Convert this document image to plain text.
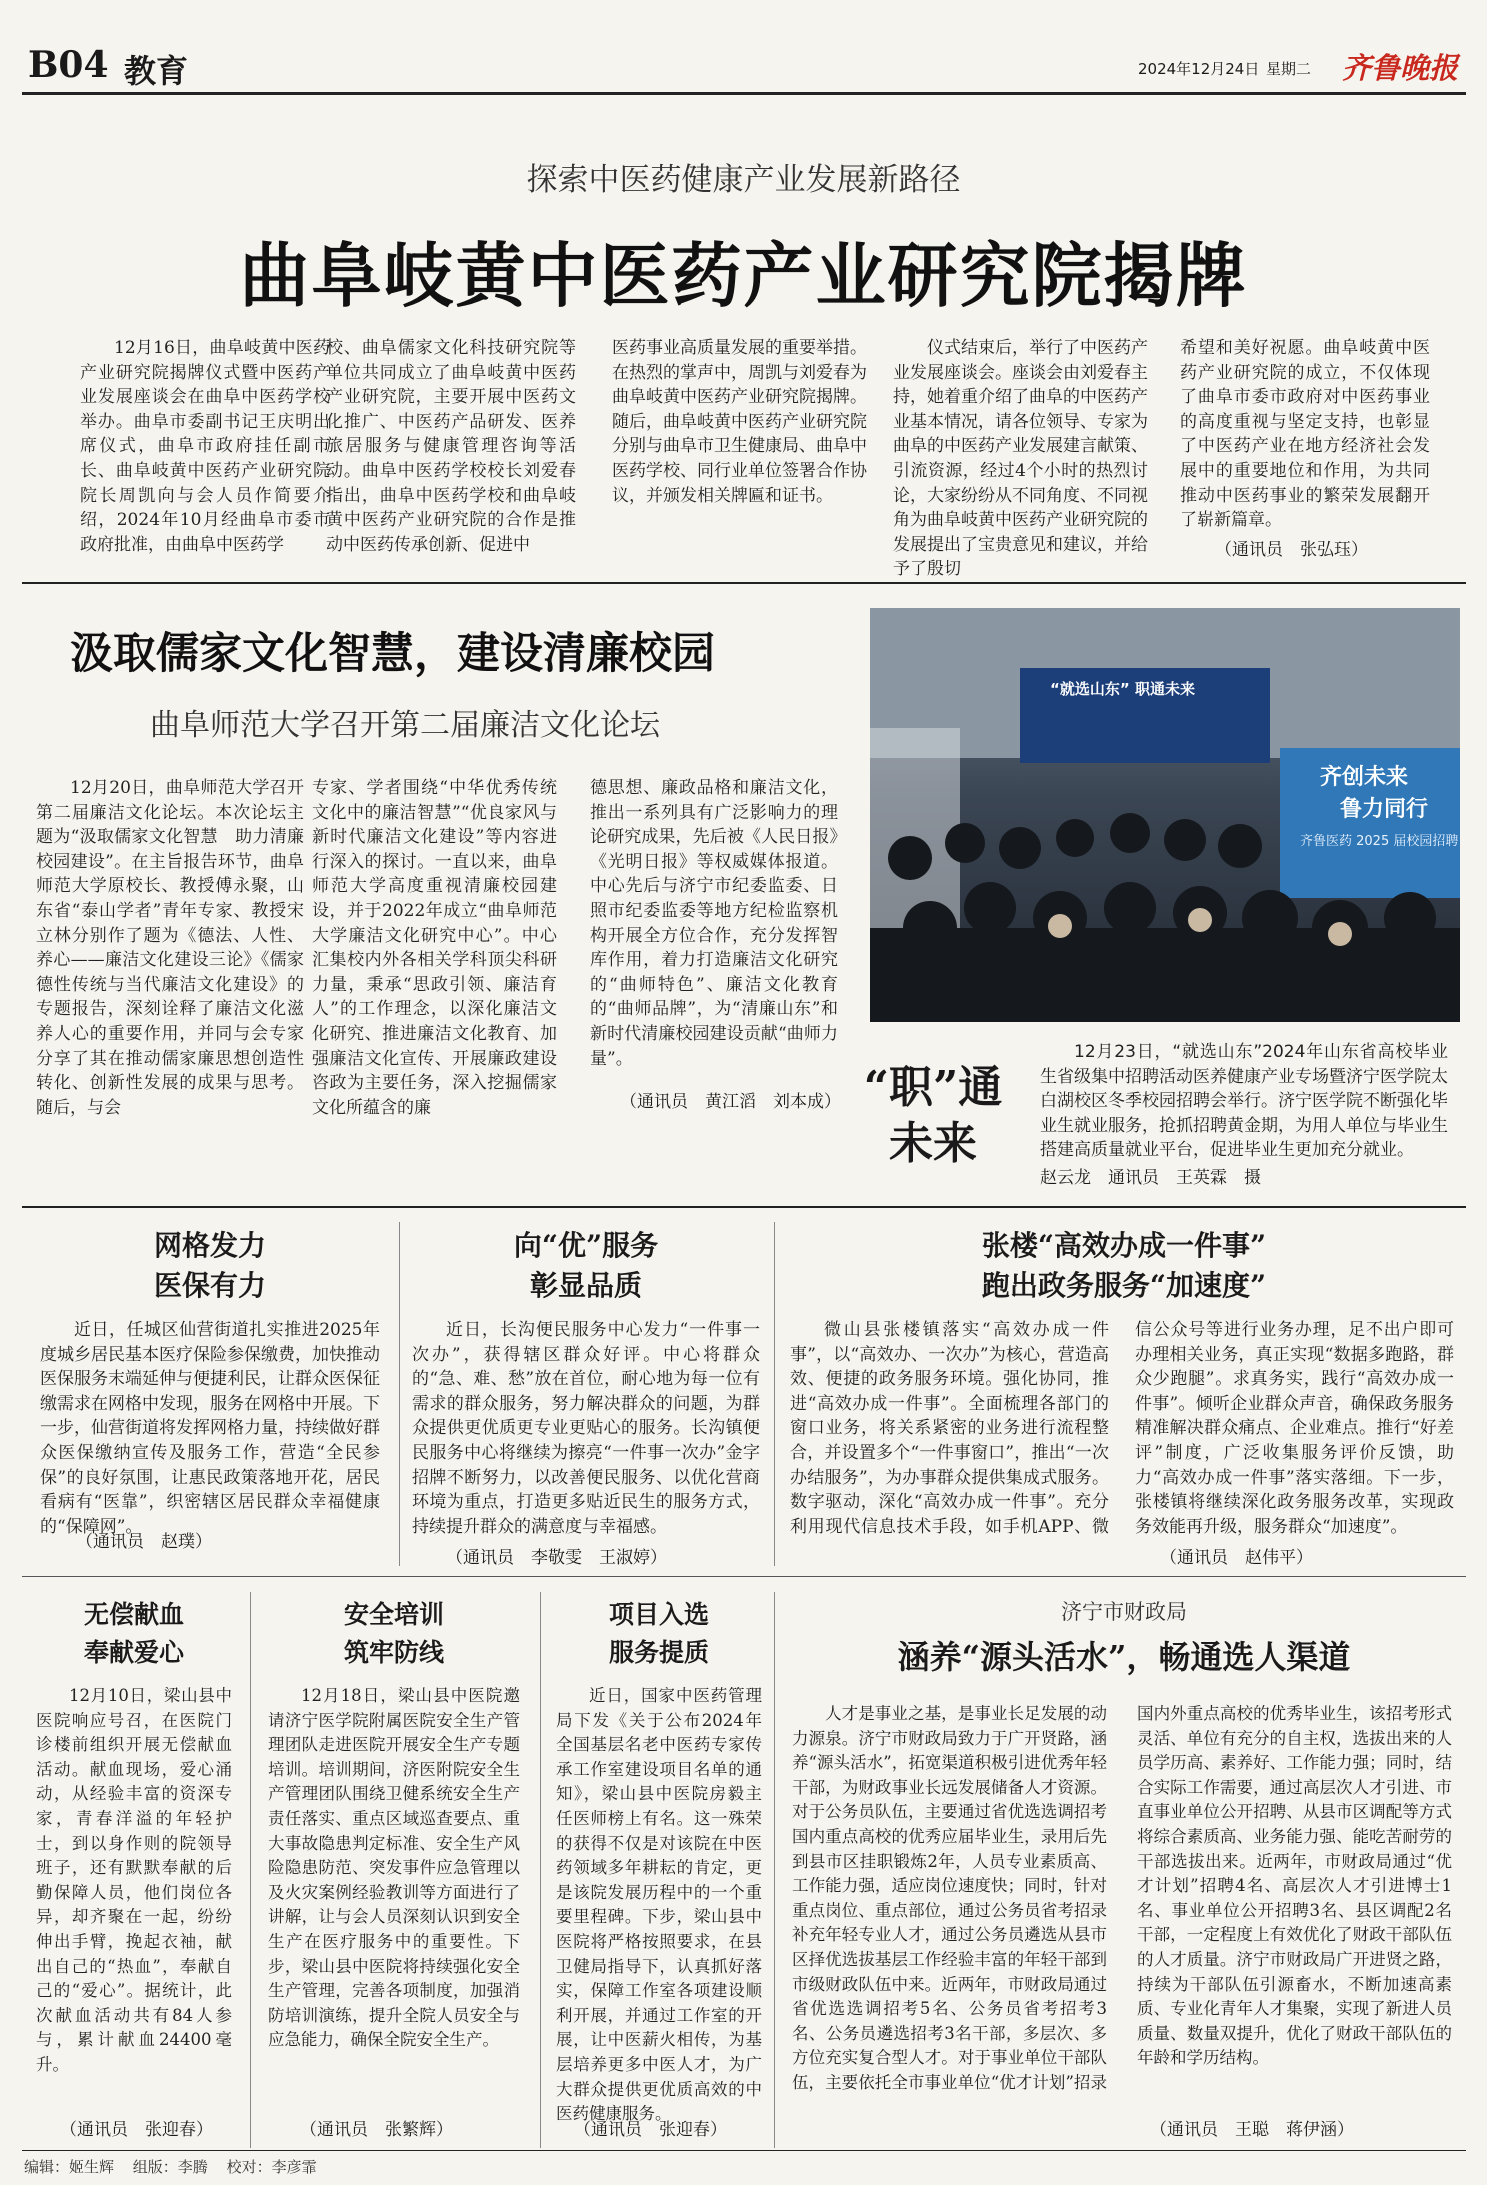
B04 教育	2024年12月24日 星期二 齐鲁晚报
探索中医药健康产业发展新路径
曲阜岐黄中医药产业研究院揭牌

12月16日，曲阜岐黄中医药产业研究院揭牌仪式暨中医药产业发展座谈会在曲阜中医药学校举办。曲阜市委副书记王庆明出席仪式，曲阜市政府挂任副市长、曲阜岐黄中医药产业研究院院长周凯向与会人员作简要介绍，2024年10月经曲阜市委市政府批准，由曲阜中医药学

校、曲阜儒家文化科技研究院等单位共同成立了曲阜岐黄中医药产业研究院，主要开展中医药文化推广、中医药产品研发、医养旅居服务与健康管理咨询等活动。曲阜中医药学校校长刘爱春指出，曲阜中医药学校和曲阜岐黄中医药产业研究院的合作是推动中医药传承创新、促进中

医药事业高质量发展的重要举措。在热烈的掌声中，周凯与刘爱春为曲阜岐黄中医药产业研究院揭牌。随后，曲阜岐黄中医药产业研究院分别与曲阜市卫生健康局、曲阜中医药学校、同行业单位签署合作协议，并颁发相关牌匾和证书。

仪式结束后，举行了中医药产业发展座谈会。座谈会由刘爱春主持，她着重介绍了曲阜的中医药产业基本情况，请各位领导、专家为曲阜的中医药产业发展建言献策、引流资源，经过4个小时的热烈讨论，大家纷纷从不同角度、不同视角为曲阜岐黄中医药产业研究院的发展提出了宝贵意见和建议，并给予了殷切

希望和美好祝愿。曲阜岐黄中医药产业研究院的成立，不仅体现了曲阜市委市政府对中医药事业的高度重视与坚定支持，也彰显了中医药产业在地方经济社会发展中的重要地位和作用，为共同推动中医药事业的繁荣发展翻开了崭新篇章。

（通讯员　张弘珏）
汲取儒家文化智慧，建设清廉校园
曲阜师范大学召开第二届廉洁文化论坛

12月20日，曲阜师范大学召开第二届廉洁文化论坛。本次论坛主题为“汲取儒家文化智慧　助力清廉校园建设”。在主旨报告环节，曲阜师范大学原校长、教授傅永聚，山东省“泰山学者”青年专家、教授宋立林分别作了题为《德法、人性、养心——廉洁文化建设三论》《儒家德性传统与当代廉洁文化建设》的专题报告，深刻诠释了廉洁文化滋养人心的重要作用，并同与会专家分享了其在推动儒家廉思想创造性转化、创新性发展的成果与思考。随后，与会

专家、学者围绕“中华优秀传统文化中的廉洁智慧”“优良家风与新时代廉洁文化建设”等内容进行深入的探讨。一直以来，曲阜师范大学高度重视清廉校园建设，并于2022年成立“曲阜师范大学廉洁文化研究中心”。中心汇集校内外各相关学科顶尖科研力量，秉承“思政引领、廉洁育人”的工作理念，以深化廉洁文化研究、推进廉洁文化教育、加强廉洁文化宣传、开展廉政建设咨政为主要任务，深入挖掘儒家文化所蕴含的廉

德思想、廉政品格和廉洁文化，推出一系列具有广泛影响力的理论研究成果，先后被《人民日报》《光明日报》等权威媒体报道。中心先后与济宁市纪委监委、日照市纪委监委等地方纪检监察机构开展全方位合作，充分发挥智库作用，着力打造廉洁文化研究的“曲师特色”、廉洁文化教育的“曲师品牌”，为“清廉山东”和新时代清廉校园建设贡献“曲师力量”。

（通讯员　黄江滔　刘本成）
“就选山东” 职通未来
齐创未来
鲁力同行
齐鲁医药 2025 届校园招聘
“职”通
未来

12月23日，“就选山东”2024年山东省高校毕业生省级集中招聘活动医养健康产业专场暨济宁医学院太白湖校区冬季校园招聘会举行。济宁医学院不断强化毕业生就业服务，抢抓招聘黄金期，为用人单位与毕业生搭建高质量就业平台，促进毕业生更加充分就业。

赵云龙　通讯员　王英霖　摄
网格发力
医保有力

近日，任城区仙营街道扎实推进2025年度城乡居民基本医疗保险参保缴费，加快推动医保服务末端延伸与便捷利民，让群众医保征缴需求在网格中发现，服务在网格中开展。下一步，仙营街道将发挥网格力量，持续做好群众医保缴纳宣传及服务工作，营造“全民参保”的良好氛围，让惠民政策落地开花，居民看病有“医靠”，织密辖区居民群众幸福健康的“保障网”。

（通讯员　赵璞）
向“优”服务
彰显品质

近日，长沟便民服务中心发力“一件事一次办”，获得辖区群众好评。中心将群众的“急、难、愁”放在首位，耐心地为每一位有需求的群众服务，努力解决群众的问题，为群众提供更优质更专业更贴心的服务。长沟镇便民服务中心将继续为擦亮“一件事一次办”金字招牌不断努力，以改善便民服务、以优化营商环境为重点，打造更多贴近民生的服务方式，持续提升群众的满意度与幸福感。

（通讯员　李敬雯　王淑婷）
张楼“高效办成一件事”
跑出政务服务“加速度”

微山县张楼镇落实“高效办成一件事”，以“高效办、一次办”为核心，营造高效、便捷的政务服务环境。强化协同，推进“高效办成一件事”。全面梳理各部门的窗口业务，将关系紧密的业务进行流程整合，并设置多个“一件事窗口”，推出“一次办结服务”，为办事群众提供集成式服务。数字驱动，深化“高效办成一件事”。充分利用现代信息技术手段，如手机APP、微信公众号等进行业务办理，足不出户即可办理相关业务，真正实现“数据多跑路，群众少跑腿”。求真务实，践行“高效办成一件事”。倾听企业群众声音，确保政务服务精准解决群众痛点、企业难点。推行“好差评”制度，广泛收集服务评价反馈，助力“高效办成一件事”落实落细。下一步，张楼镇将继续深化政务服务改革，实现政务效能再升级，服务群众“加速度”。

（通讯员　赵伟平）
无偿献血
奉献爱心

12月10日，梁山县中医院响应号召，在医院门诊楼前组织开展无偿献血活动。献血现场，爱心涌动，从经验丰富的资深专家，青春洋溢的年轻护士，到以身作则的院领导班子，还有默默奉献的后勤保障人员，他们岗位各异，却齐聚在一起，纷纷伸出手臂，挽起衣袖，献出自己的“热血”，奉献自己的“爱心”。据统计，此次献血活动共有84人参与，累计献血24400毫升。

（通讯员　张迎春）
安全培训
筑牢防线

12月18日，梁山县中医院邀请济宁医学院附属医院安全生产管理团队走进医院开展安全生产专题培训。培训期间，济医附院安全生产管理团队围绕卫健系统安全生产责任落实、重点区域巡查要点、重大事故隐患判定标准、安全生产风险隐患防范、突发事件应急管理以及火灾案例经验教训等方面进行了讲解，让与会人员深刻认识到安全生产在医疗服务中的重要性。下步，梁山县中医院将持续强化安全生产管理，完善各项制度，加强消防培训演练，提升全院人员安全与应急能力，确保全院安全生产。

（通讯员　张繁辉）
项目入选
服务提质

近日，国家中医药管理局下发《关于公布2024年全国基层名老中医药专家传承工作室建设项目名单的通知》，梁山县中医院房毅主任医师榜上有名。这一殊荣的获得不仅是对该院在中医药领域多年耕耘的肯定，更是该院发展历程中的一个重要里程碑。下步，梁山县中医院将严格按照要求，在县卫健局指导下，认真抓好落实，保障工作室各项建设顺利开展，并通过工作室的开展，让中医薪火相传，为基层培养更多中医人才，为广大群众提供更优质高效的中医药健康服务。

（通讯员　张迎春）
济宁市财政局
涵养“源头活水”，畅通选人渠道

人才是事业之基，是事业长足发展的动力源泉。济宁市财政局致力于广开贤路，涵养“源头活水”，拓宽渠道积极引进优秀年轻干部，为财政事业长远发展储备人才资源。对于公务员队伍，主要通过省优选选调招考国内重点高校的优秀应届毕业生，录用后先到县市区挂职锻炼2年，人员专业素质高、工作能力强，适应岗位速度快；同时，针对重点岗位、重点部位，通过公务员省考招录补充年轻专业人才，通过公务员遴选从县市区择优选拔基层工作经验丰富的年轻干部到市级财政队伍中来。近两年，市财政局通过省优选选调招考5名、公务员省考招考3名、公务员遴选招考3名干部，多层次、多方位充实复合型人才。对于事业单位干部队伍，主要依托全市事业单位“优才计划”招录国内外重点高校的优秀毕业生，该招考形式灵活、单位有充分的自主权，选拔出来的人员学历高、素养好、工作能力强；同时，结合实际工作需要，通过高层次人才引进、市直事业单位公开招聘、从县市区调配等方式将综合素质高、业务能力强、能吃苦耐劳的干部选拔出来。近两年，市财政局通过“优才计划”招聘4名、高层次人才引进博士1名、事业单位公开招聘3名、县区调配2名干部，一定程度上有效优化了财政干部队伍的人才质量。济宁市财政局广开进贤之路，持续为干部队伍引源畜水，不断加速高素质、专业化青年人才集聚，实现了新进人员质量、数量双提升，优化了财政干部队伍的年龄和学历结构。

（通讯员　王聪　蒋伊涵）
编辑：姬生辉 组版：李腾 校对：李彦霏
